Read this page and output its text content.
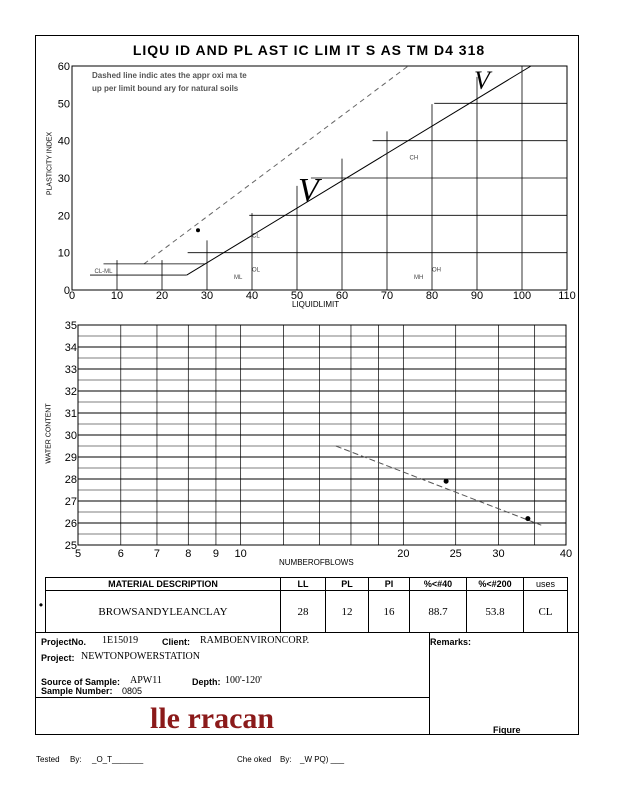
LIQU ID AND PL AST IC LIM IT S AS TM D4 318
0	10	20	30	40	50	60	70	80	90	100 110
0
10
20
30
40
50
60
CL-ML
CL
ML
OL
MH
OH
CH
LIQUIDLIMIT
PLASTICITY INDEX
Dashed line indic ates the appr oxi ma te
up per limit bound ary for natural soils
V
V
5	6	7 8 9 10	20	25	30	40
25
26
27
28
29
30
31
32
33
34
35
NUMBEROFBLOWS
WATER CONTENT
MATERIAL DESCRIPTION	LL	PL	PI	%<#40	%<#200	uses
•	BROWSANDYLEANCLAY	28	12	16	88.7	53.8	CL
ProjectNo. 1E15019	Client: RAMBOENVIRONCORP.	Remarks:
Project: NEWTONPOWERSTATION
Source of Sample: APW11	Depth: 100'-120'
Sample Number: 0805
lle rracan	Fiqure
Tested By: _O_T_______	Che oked By: _W PQ) ___
